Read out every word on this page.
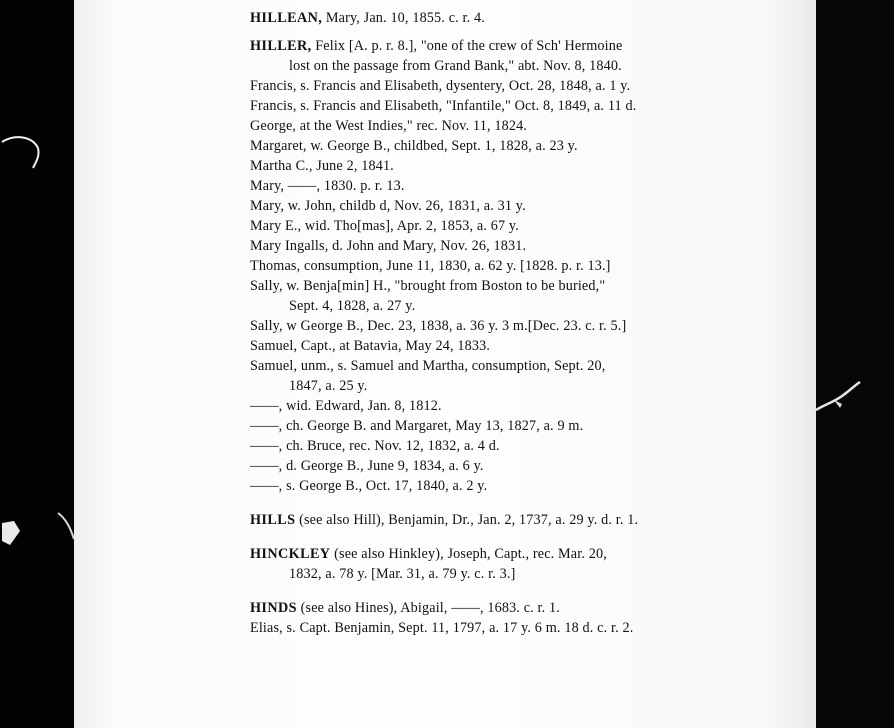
HILLEAN, Mary, Jan. 10, 1855. c. r. 4.
HILLER, Felix [A. p. r. 8.], "one of the crew of Sch' Hermoine
lost on the passage from Grand Bank," abt. Nov. 8, 1840.
Francis, s. Francis and Elisabeth, dysentery, Oct. 28, 1848, a. 1 y.
Francis, s. Francis and Elisabeth, "Infantile," Oct. 8, 1849, a. 11 d.
George, at the West Indies," rec. Nov. 11, 1824.
Margaret, w. George B., childbed, Sept. 1, 1828, a. 23 y.
Martha C., June 2, 1841.
Mary, ——, 1830. p. r. 13.
Mary, w. John, childb d, Nov. 26, 1831, a. 31 y.
Mary E., wid. Tho[mas], Apr. 2, 1853, a. 67 y.
Mary Ingalls, d. John and Mary, Nov. 26, 1831.
Thomas, consumption, June 11, 1830, a. 62 y. [1828. p. r. 13.]
Sally, w. Benja[min] H., "brought from Boston to be buried,"
Sept. 4, 1828, a. 27 y.
Sally, w George B., Dec. 23, 1838, a. 36 y. 3 m.[Dec. 23. c. r. 5.]
Samuel, Capt., at Batavia, May 24, 1833.
Samuel, unm., s. Samuel and Martha, consumption, Sept. 20,
1847, a. 25 y.
——, wid. Edward, Jan. 8, 1812.
——, ch. George B. and Margaret, May 13, 1827, a. 9 m.
——, ch. Bruce, rec. Nov. 12, 1832, a. 4 d.
——, d. George B., June 9, 1834, a. 6 y.
——, s. George B., Oct. 17, 1840, a. 2 y.
HILLS (see also Hill), Benjamin, Dr., Jan. 2, 1737, a. 29 y. d. r. 1.
HINCKLEY (see also Hinkley), Joseph, Capt., rec. Mar. 20,
1832, a. 78 y. [Mar. 31, a. 79 y. c. r. 3.]
HINDS (see also Hines), Abigail, ——, 1683. c. r. 1.
Elias, s. Capt. Benjamin, Sept. 11, 1797, a. 17 y. 6 m. 18 d. c. r. 2.
